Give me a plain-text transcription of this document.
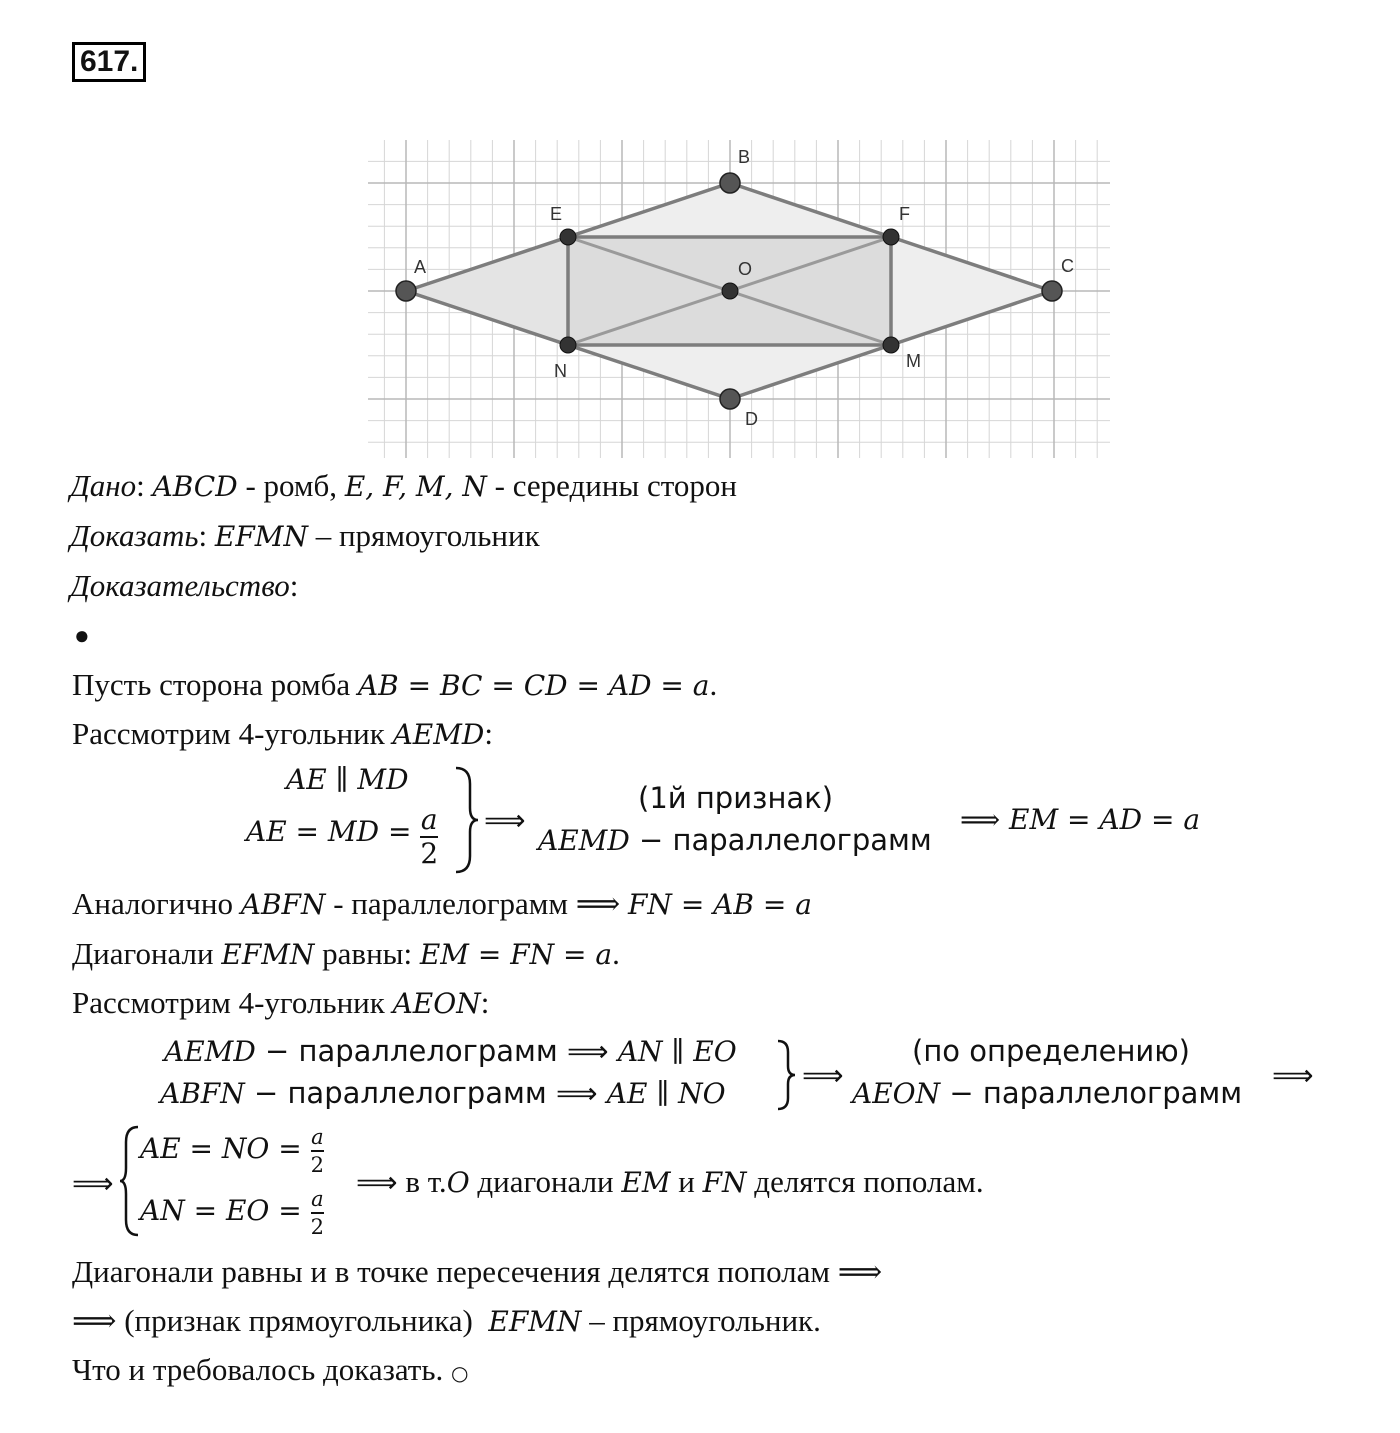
617.
A
B
C
D
E	F
M
N
O
Дано: ABCD - ромб, E, F, M, N - середины сторон
Доказать: EFMN – прямоугольник
Доказательство:
●
Пусть сторона ромба AB = BC = CD = AD = a.
Рассмотрим 4-угольник AEMD:
AE ∥ MD
AE = MD = $\frac{a}{2}$ ⟹
(1й признак)
AEMD − параллелограмм
⟹ EM = AD = a
Аналогично ABFN - параллелограмм ⟹ FN = AB = a
Диагонали EFMN равны: EM = FN = a.
Рассмотрим 4-угольник AEON:
AEMD − параллелограмм ⟹ AN ∥ EO
ABFN − параллелограмм ⟹ AE ∥ NO
⟹
(по определению)
AEON − параллелограмм
⟹
⟹
AE = NO = $\frac{a}{2}$
AN = EO = $\frac{a}{2}$
⟹ в т.O диагонали EM и FN делятся пополам.
Диагонали равны и в точке пересечения делятся пополам ⟹
⟹ (признак прямоугольника)  EFMN – прямоугольник.
Что и требовалось доказать. ○
